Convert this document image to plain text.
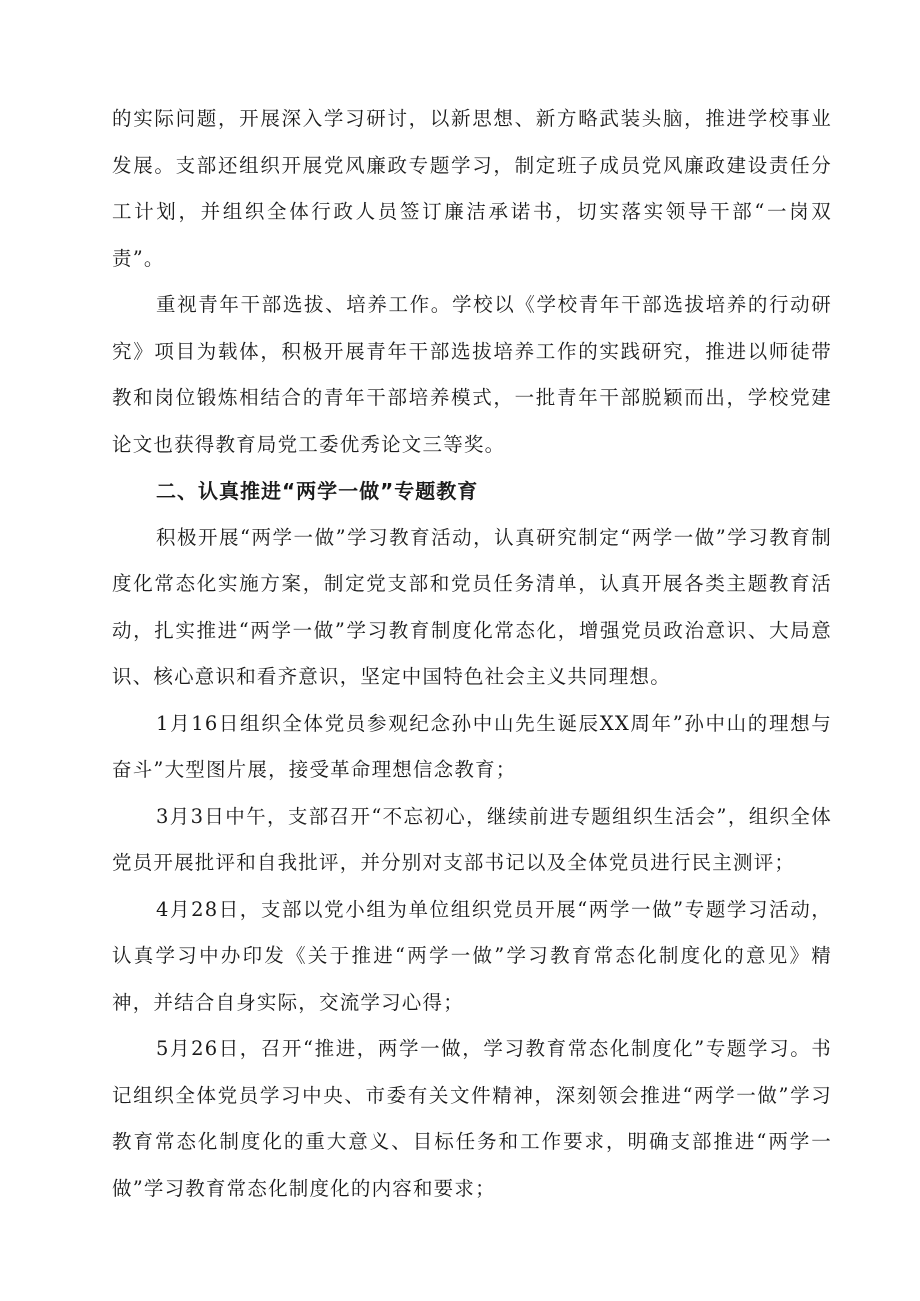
的实际问题，开展深入学习研讨，以新思想、新方略武装头脑，推进学校事业发展。支部还组织开展党风廉政专题学习，制定班子成员党风廉政建设责任分工计划，并组织全体行政人员签订廉洁承诺书，切实落实领导干部“一岗双责”。

重视青年干部选拔、培养工作。学校以《学校青年干部选拔培养的行动研究》项目为载体，积极开展青年干部选拔培养工作的实践研究，推进以师徒带教和岗位锻炼相结合的青年干部培养模式，一批青年干部脱颖而出，学校党建论文也获得教育局党工委优秀论文三等奖。

二、认真推进“两学一做”专题教育

积极开展“两学一做”学习教育活动，认真研究制定“两学一做”学习教育制度化常态化实施方案，制定党支部和党员任务清单，认真开展各类主题教育活动，扎实推进“两学一做”学习教育制度化常态化，增强党员政治意识、大局意识、核心意识和看齐意识，坚定中国特色社会主义共同理想。

1月16日组织全体党员参观纪念孙中山先生诞辰XX周年”孙中山的理想与奋斗”大型图片展，接受革命理想信念教育；

3月3日中午，支部召开“不忘初心，继续前进专题组织生活会”，组织全体党员开展批评和自我批评，并分别对支部书记以及全体党员进行民主测评；

4月28日，支部以党小组为单位组织党员开展“两学一做”专题学习活动，认真学习中办印发《关于推进“两学一做”学习教育常态化制度化的意见》精神，并结合自身实际，交流学习心得；

5月26日，召开“推进，两学一做，学习教育常态化制度化”专题学习。书记组织全体党员学习中央、市委有关文件精神，深刻领会推进“两学一做”学习教育常态化制度化的重大意义、目标任务和工作要求，明确支部推进“两学一做”学习教育常态化制度化的内容和要求；
